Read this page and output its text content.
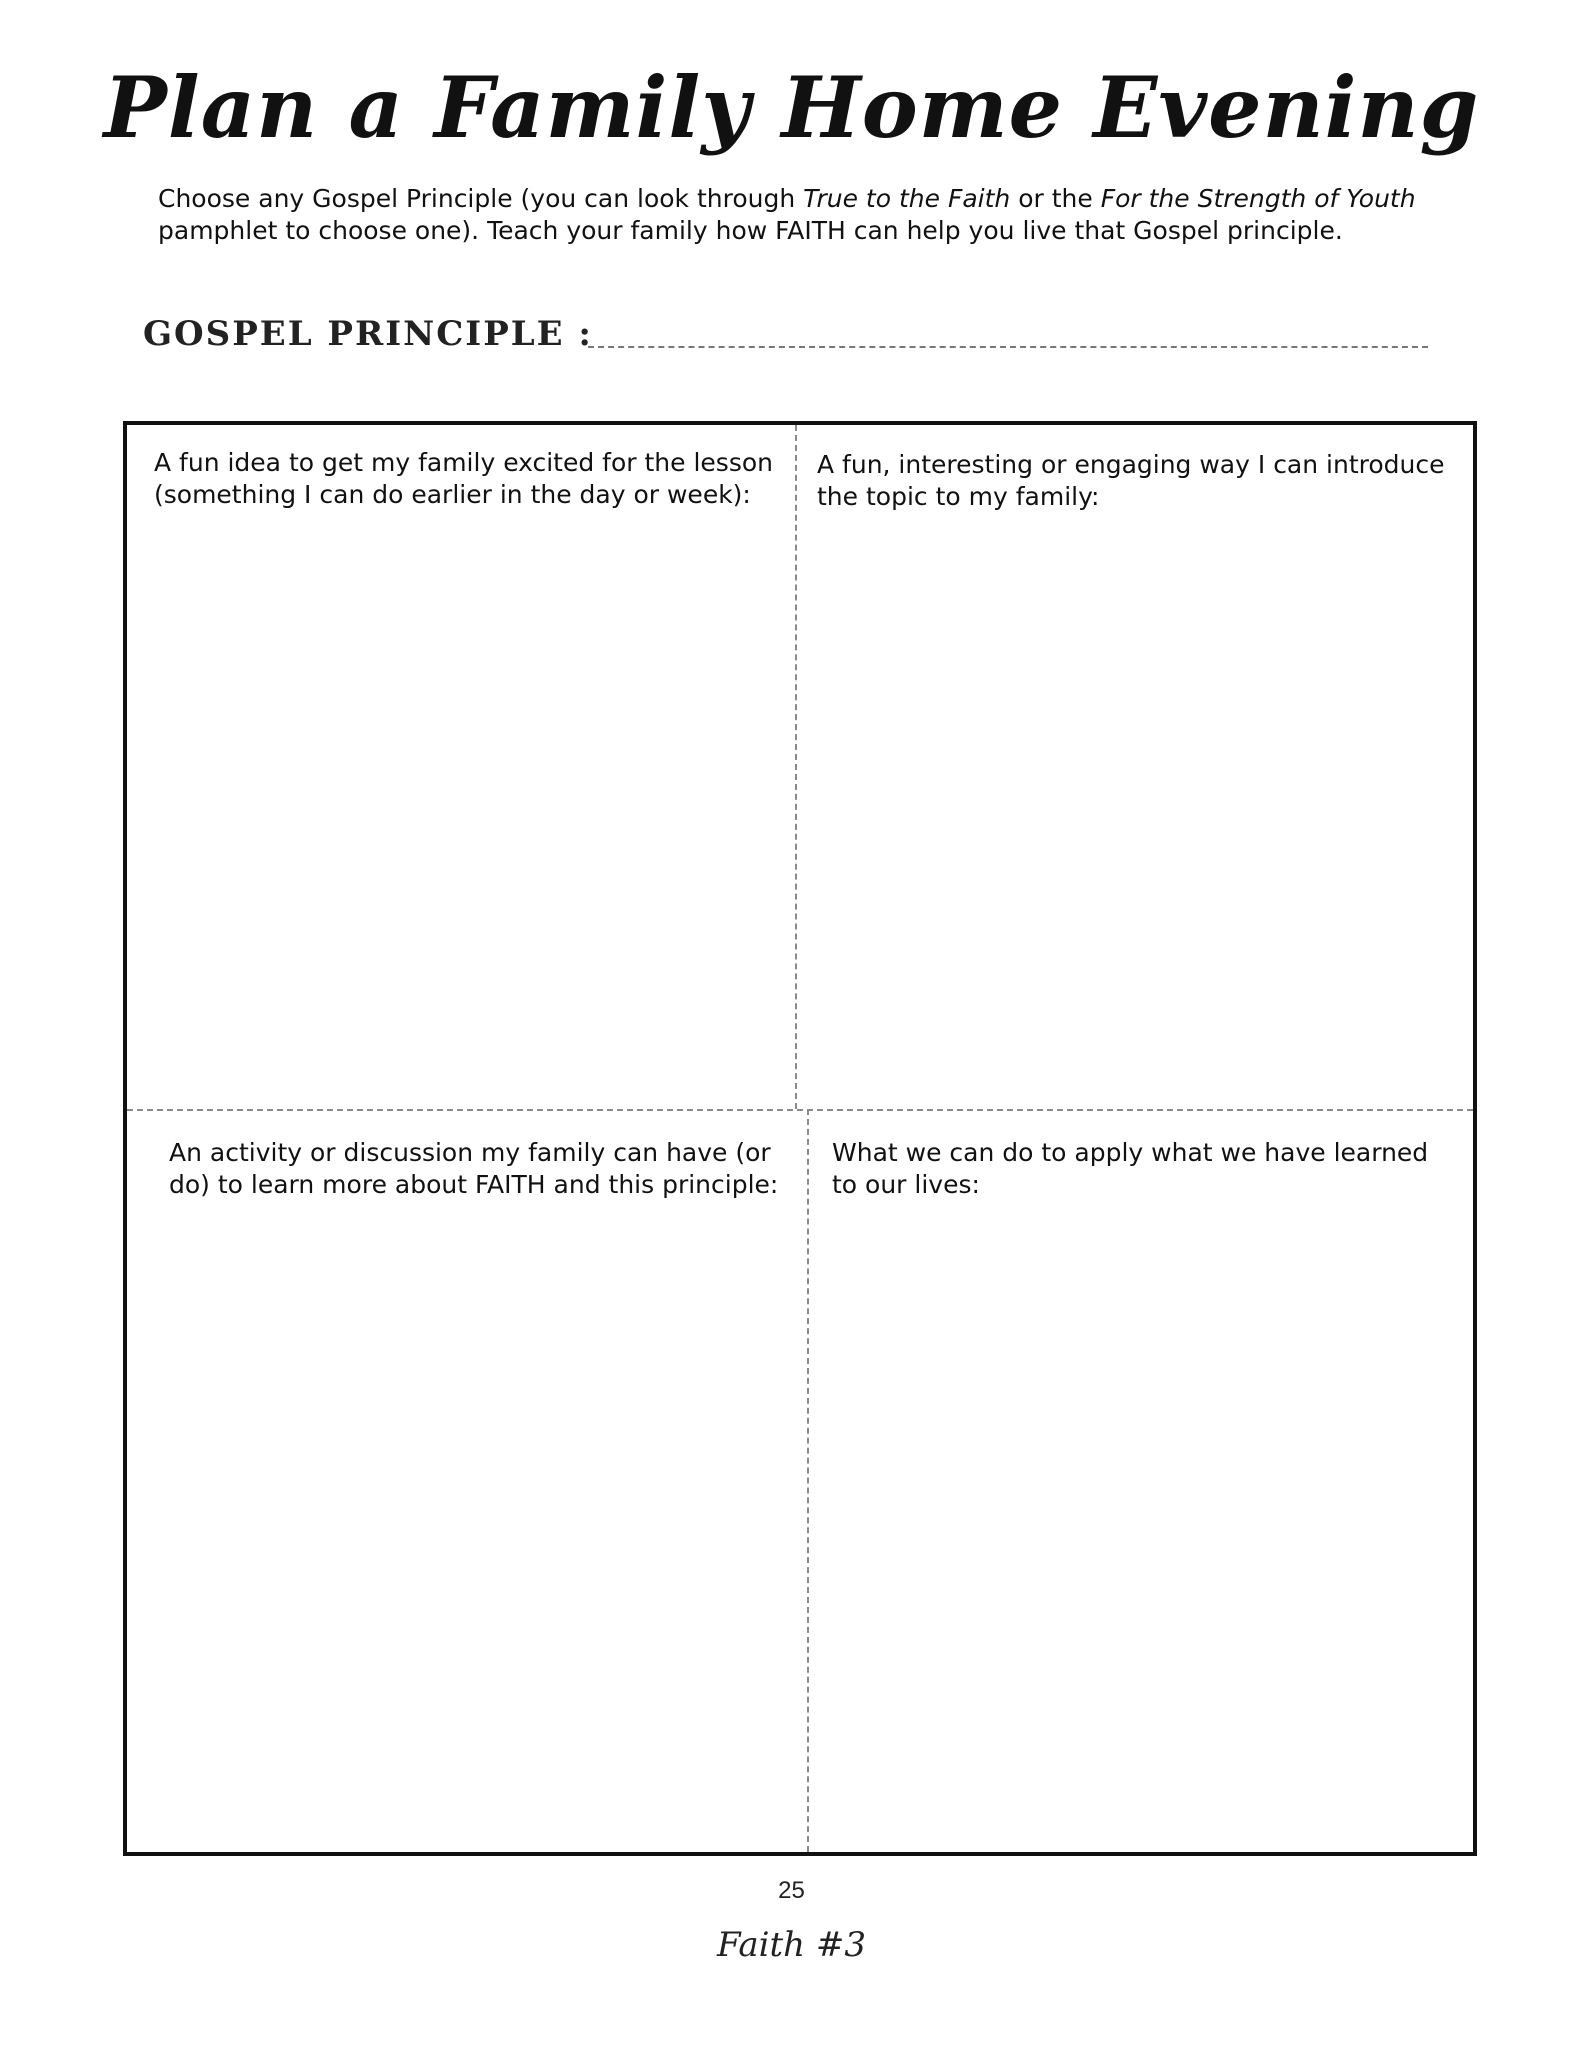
Plan a Family Home Evening
Choose any Gospel Principle (you can look through True to the Faith or the For the Strength of Youth pamphlet to choose one). Teach your family how FAITH can help you live that Gospel principle.
GOSPEL PRINCIPLE :
A fun idea to get my family excited for the lesson (something I can do earlier in the day or week):
A fun, interesting or engaging way I can introduce the topic to my family:
An activity or discussion my family can have (or do) to learn more about FAITH and this principle:
What we can do to apply what we have learned to our lives:
25
Faith #3
